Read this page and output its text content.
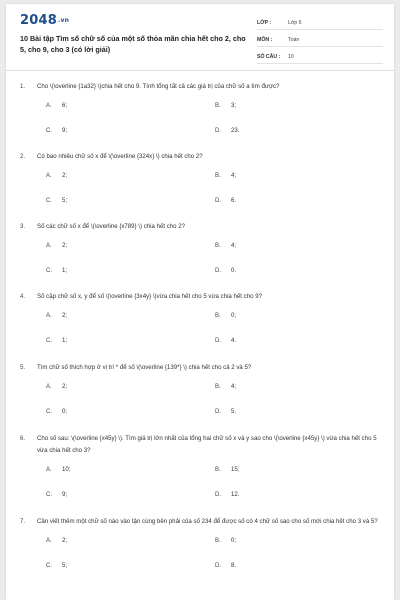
2048.vn
10 Bài tập Tìm số chữ số của một số thỏa mãn chia hết cho 2, cho 5, cho 9, cho 3 (có lời giải)
LỚP :	Lớp 6
MÔN :	Toán
SỐ CÂU :	10
1.	Cho \(\overline {1a32} \)chia hết cho 9. Tính tổng tất cả các giá trị của chữ số a tìm được?
A.	6;	B.	3;
C.	9;	D.	23.
2.	Có bao nhiêu chữ số x để \(\overline {324x} \) chia hết cho 2?
A.	2;	B.	4;
C.	5;	D.	6.
3.	Số các chữ số x để \(\overline {x789} \) chia hết cho 2?
A.	2;	B.	4;
C.	1;	D.	0.
4.	Số cặp chữ số x, y để số \(\overline {3x4y} \)vừa chia hết cho 5 vừa chia hết cho 9?
A.	2;	B.	0;
C.	1;	D.	4.
5.	Tìm chữ số thích hợp ở vị trí * để số \(\overline {139*} \) chia hết cho cả 2 và 5?
A.	2;	B.	4;
C.	0;	D.	5.
6.	Cho số sau: \(\overline {x45y} \). Tìm giá trị lớn nhất của tổng hai chữ số x và y sao cho \(\overline {x45y} \) vừa chia hết cho 5 vừa chia hết cho 3?
A.	10;	B.	15;
C.	9;	D.	12.
7.	Cần viết thêm một chữ số nào vào tận cùng bên phải của số 234 để được số có 4 chữ số sao cho số mới chia hết cho 3 và 5?
A.	2;	B.	0;
C.	5;	D.	8.
